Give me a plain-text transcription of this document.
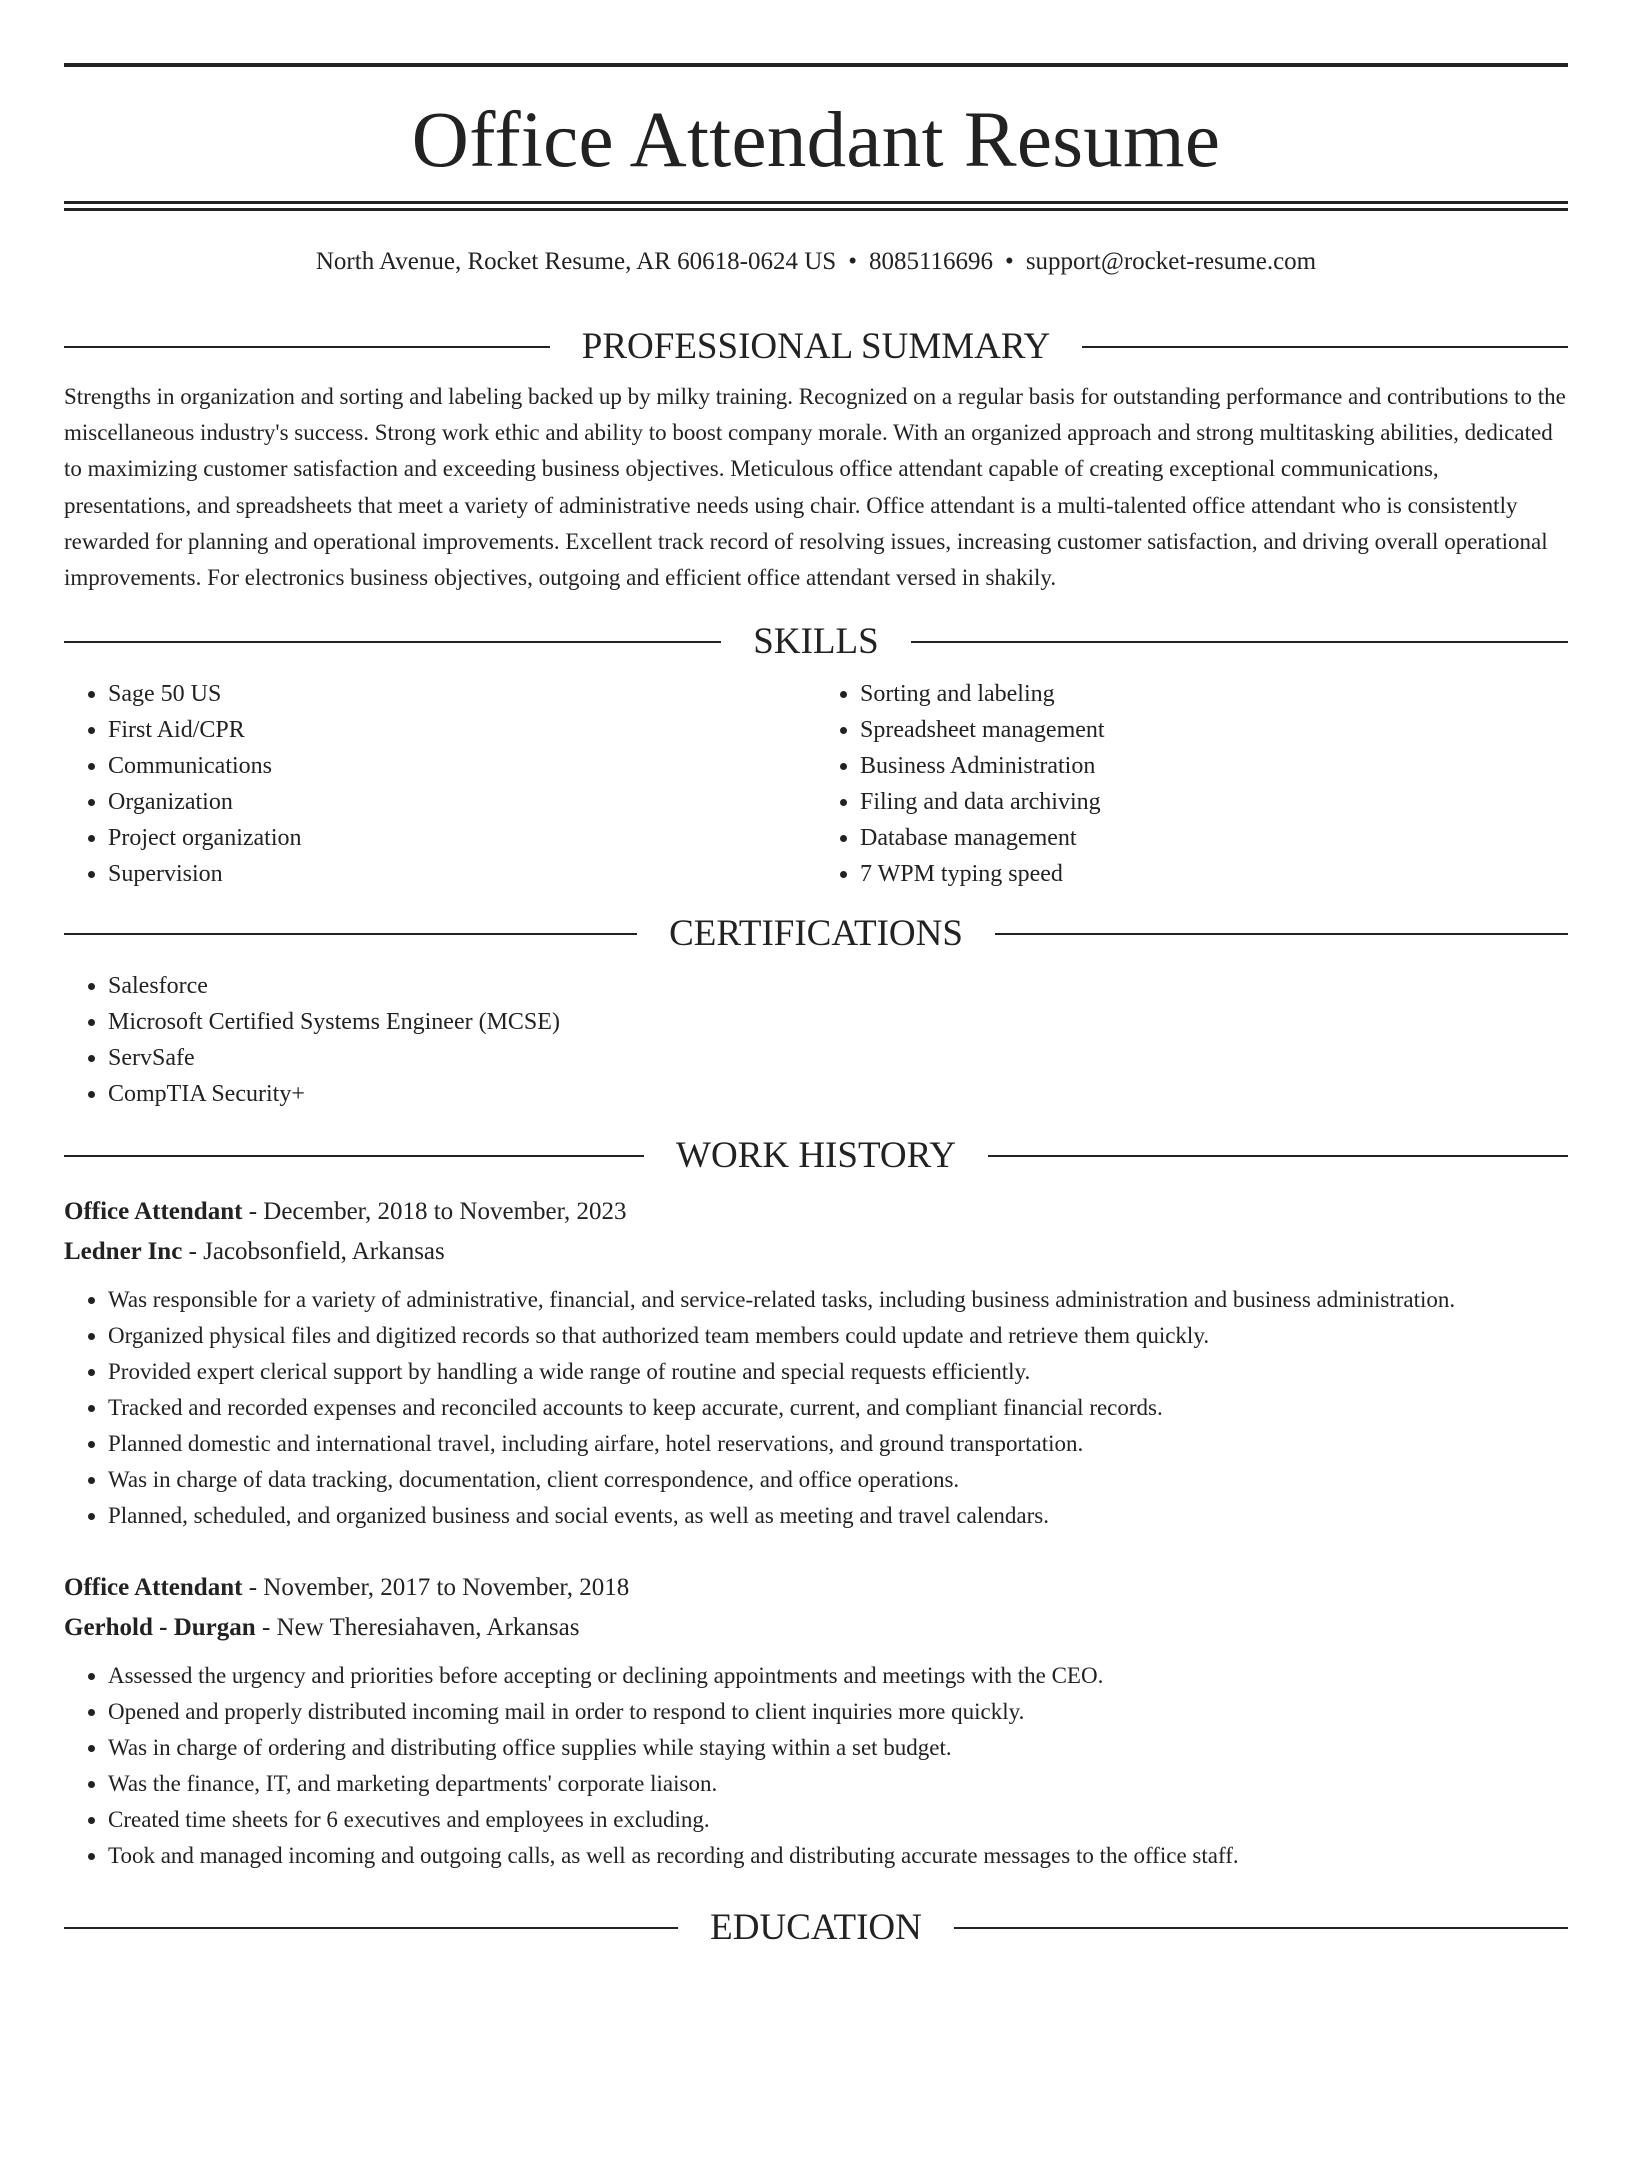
Office Attendant Resume
North Avenue, Rocket Resume, AR 60618-0624 US • 8085116696 • support@rocket-resume.com
PROFESSIONAL SUMMARY

Strengths in organization and sorting and labeling backed up by milky training. Recognized on a regular basis for outstanding performance and contributions to the miscellaneous industry's success. Strong work ethic and ability to boost company morale. With an organized approach and strong multitasking abilities, dedicated to maximizing customer satisfaction and exceeding business objectives. Meticulous office attendant capable of creating exceptional communications, presentations, and spreadsheets that meet a variety of administrative needs using chair. Office attendant is a multi-talented office attendant who is consistently rewarded for planning and operational improvements. Excellent track record of resolving issues, increasing customer satisfaction, and driving overall operational improvements. For electronics business objectives, outgoing and efficient office attendant versed in shakily.

SKILLS
• Sage 50 US
• First Aid/CPR
• Communications
• Organization
• Project organization
• Supervision
• Sorting and labeling
• Spreadsheet management
• Business Administration
• Filing and data archiving
• Database management
• 7 WPM typing speed
CERTIFICATIONS
• Salesforce
• Microsoft Certified Systems Engineer (MCSE)
• ServSafe
• CompTIA Security+
WORK HISTORY
Office Attendant - December, 2018 to November, 2023
Ledner Inc - Jacobsonfield, Arkansas
• Was responsible for a variety of administrative, financial, and service-related tasks, including business administration and business administration.
• Organized physical files and digitized records so that authorized team members could update and retrieve them quickly.
• Provided expert clerical support by handling a wide range of routine and special requests efficiently.
• Tracked and recorded expenses and reconciled accounts to keep accurate, current, and compliant financial records.
• Planned domestic and international travel, including airfare, hotel reservations, and ground transportation.
• Was in charge of data tracking, documentation, client correspondence, and office operations.
• Planned, scheduled, and organized business and social events, as well as meeting and travel calendars.
Office Attendant - November, 2017 to November, 2018
Gerhold - Durgan - New Theresiahaven, Arkansas
• Assessed the urgency and priorities before accepting or declining appointments and meetings with the CEO.
• Opened and properly distributed incoming mail in order to respond to client inquiries more quickly.
• Was in charge of ordering and distributing office supplies while staying within a set budget.
• Was the finance, IT, and marketing departments' corporate liaison.
• Created time sheets for 6 executives and employees in excluding.
• Took and managed incoming and outgoing calls, as well as recording and distributing accurate messages to the office staff.
EDUCATION
